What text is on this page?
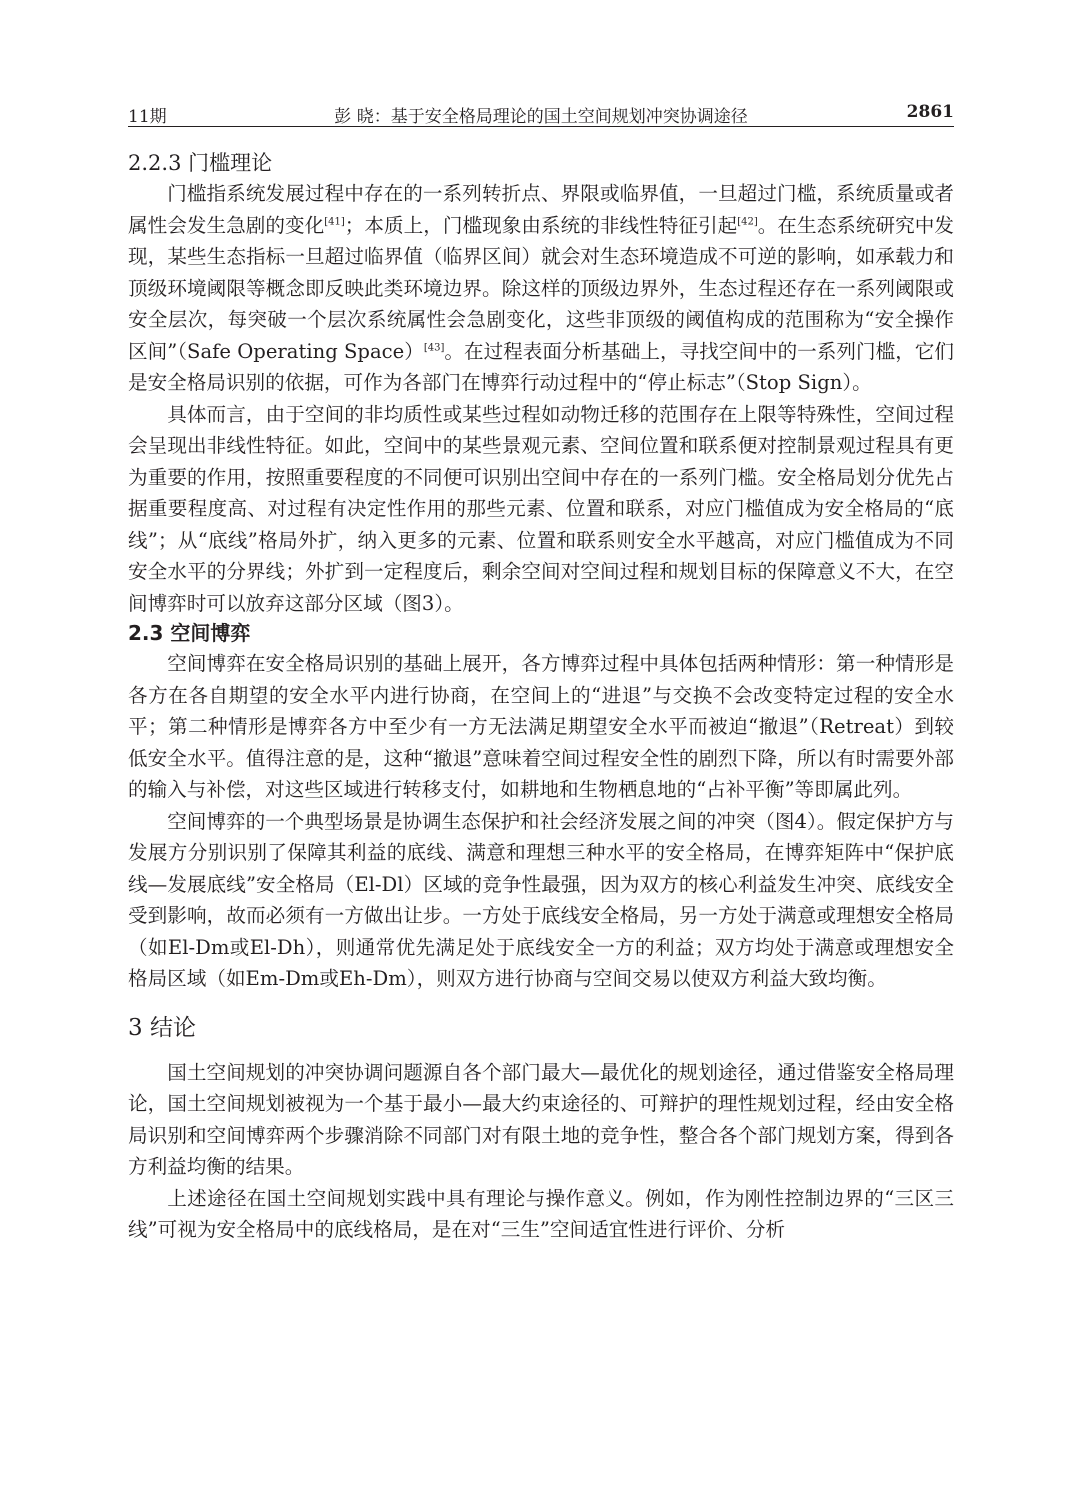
11期	彭 晓：基于安全格局理论的国土空间规划冲突协调途径	2861
2.2.3 门槛理论

门槛指系统发展过程中存在的一系列转折点、界限或临界值，一旦超过门槛，系统质量或者属性会发生急剧的变化[41]；本质上，门槛现象由系统的非线性特征引起[42]。在生态系统研究中发现，某些生态指标一旦超过临界值（临界区间）就会对生态环境造成不可逆的影响，如承载力和顶级环境阈限等概念即反映此类环境边界。除这样的顶级边界外，生态过程还存在一系列阈限或安全层次，每突破一个层次系统属性会急剧变化，这些非顶级的阈值构成的范围称为“安全操作区间”（Safe Operating Space）[43]。在过程表面分析基础上，寻找空间中的一系列门槛，它们是安全格局识别的依据，可作为各部门在博弈行动过程中的“停止标志”（Stop Sign）。

具体而言，由于空间的非均质性或某些过程如动物迁移的范围存在上限等特殊性，空间过程会呈现出非线性特征。如此，空间中的某些景观元素、空间位置和联系便对控制景观过程具有更为重要的作用，按照重要程度的不同便可识别出空间中存在的一系列门槛。安全格局划分优先占据重要程度高、对过程有决定性作用的那些元素、位置和联系，对应门槛值成为安全格局的“底线”；从“底线”格局外扩，纳入更多的元素、位置和联系则安全水平越高，对应门槛值成为不同安全水平的分界线；外扩到一定程度后，剩余空间对空间过程和规划目标的保障意义不大，在空间博弈时可以放弃这部分区域（图3）。

2.3 空间博弈

空间博弈在安全格局识别的基础上展开，各方博弈过程中具体包括两种情形：第一种情形是各方在各自期望的安全水平内进行协商，在空间上的“进退”与交换不会改变特定过程的安全水平；第二种情形是博弈各方中至少有一方无法满足期望安全水平而被迫“撤退”（Retreat）到较低安全水平。值得注意的是，这种“撤退”意味着空间过程安全性的剧烈下降，所以有时需要外部的输入与补偿，对这些区域进行转移支付，如耕地和生物栖息地的“占补平衡”等即属此列。

空间博弈的一个典型场景是协调生态保护和社会经济发展之间的冲突（图4）。假定保护方与发展方分别识别了保障其利益的底线、满意和理想三种水平的安全格局，在博弈矩阵中“保护底线—发展底线”安全格局（El-Dl）区域的竞争性最强，因为双方的核心利益发生冲突、底线安全受到影响，故而必须有一方做出让步。一方处于底线安全格局，另一方处于满意或理想安全格局（如El-Dm或El-Dh），则通常优先满足处于底线安全一方的利益；双方均处于满意或理想安全格局区域（如Em-Dm或Eh-Dm），则双方进行协商与空间交易以使双方利益大致均衡。

3 结论

国土空间规划的冲突协调问题源自各个部门最大—最优化的规划途径，通过借鉴安全格局理论，国土空间规划被视为一个基于最小—最大约束途径的、可辩护的理性规划过程，经由安全格局识别和空间博弈两个步骤消除不同部门对有限土地的竞争性，整合各个部门规划方案，得到各方利益均衡的结果。

上述途径在国土空间规划实践中具有理论与操作意义。例如，作为刚性控制边界的“三区三线”可视为安全格局中的底线格局，是在对“三生”空间适宜性进行评价、分析
